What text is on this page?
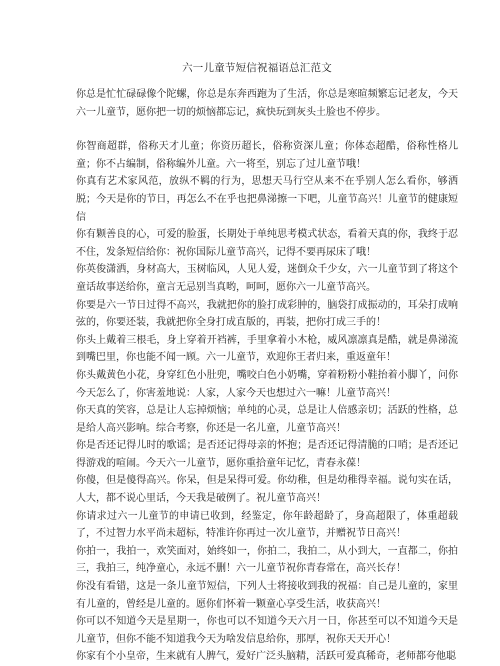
六一儿童节短信祝福语总汇范文

你总是忙忙碌碌像个陀螺，你总是东奔西跑为了生活，你总是寒暄频繁忘记老友，今天六一儿童节，愿你把一切的烦恼都忘记，疯快玩到灰头土脸也不停步。

你智商超群，俗称天才儿童；你资历超长，俗称资深儿童；你体态超酷，俗称性格儿童；你不占编制，俗称编外儿童。六一将至，别忘了过儿童节哦！

你真有艺术家风范，放纵不羁的行为，思想天马行空从来不在乎别人怎么看你，够洒脱；今天是你的节日，再怎么不在乎也把鼻涕擦一下吧，儿童节高兴！儿童节的健康短信

你有颗善良的心，可爱的脸蛋，长期处于单纯思考模式状态，看着天真的你，我终于忍不住，发条短信给你：祝你国际儿童节高兴，记得不要再尿床了哦！

你英俊潇洒，身材高大，玉树临风，人见人爱，迷倒众千少女，六一儿童节到了将这个童话故事送给你，童言无忌别当真哟，呵呵，愿你六一儿童节高兴。

你要是六一节日过得不高兴，我就把你的脸打成彩肿的，脑袋打成振动的，耳朵打成响弦的，你要还装，我就把你全身打成直版的，再装，把你打成三手的！

你头上戴着三根毛，身上穿着开裆裤，手里拿着小木枪，威风凛凛真是酷，就是鼻涕流到嘴巴里，你也能不闻一顾。六一儿童节，欢迎你王者归来，重返童年！

你头戴黄色小花，身穿红色小肚兜，嘴咬白色小奶嘴，穿着粉粉小鞋抬着小脚丫，问你今天怎么了，你害羞地说：人家，人家今天也想过六一嘛！儿童节高兴！

你天真的笑容，总是让人忘掉烦恼；单纯的心灵，总是让人倍感亲切；活跃的性格，总是给人高兴影响。综合考察，你还是一名儿童，儿童节高兴！

你是否还记得儿时的歌谣；是否还记得母亲的怀抱；是否还记得清脆的口哨；是否还记得游戏的喧闹。今天六一儿童节，愿你重拾童年记忆，青春永葆！

你傻，但是傻得高兴。你呆，但是呆得可爱。你幼稚，但是幼稚得幸福。说句实在话，人大，都不说心里话，今天我是破例了。祝儿童节高兴！

你请求过六一儿童节的申请已收到，经鉴定，你年龄超龄了，身高超限了，体重超载了，不过智力水平尚未超标，特准许你再过一次儿童节，并赠祝节日高兴！

你拍一，我拍一，欢笑面对，始终如一，你拍二，我拍二，从小到大，一直都二，你拍三，我拍三，纯净童心，永远不删！六一儿童节祝你青春常在，高兴长存！

你没有看错，这是一条儿童节短信，下列人士将接收到我的祝福：自己是儿童的，家里有儿童的，曾经是儿童的。愿你们怀着一颗童心享受生活，收获高兴！

你可以不知道今天是星期一，你也可以不知道今天六月一日，你甚至可以不知道今天是儿童节，但你不能不知道我今天为啥发信息给你，那厚，祝你天天开心！

你家有个小皇帝，生来就有人脾气，爱好广泛头脑精，活跃可爱真稀奇，老师都夸他聪
